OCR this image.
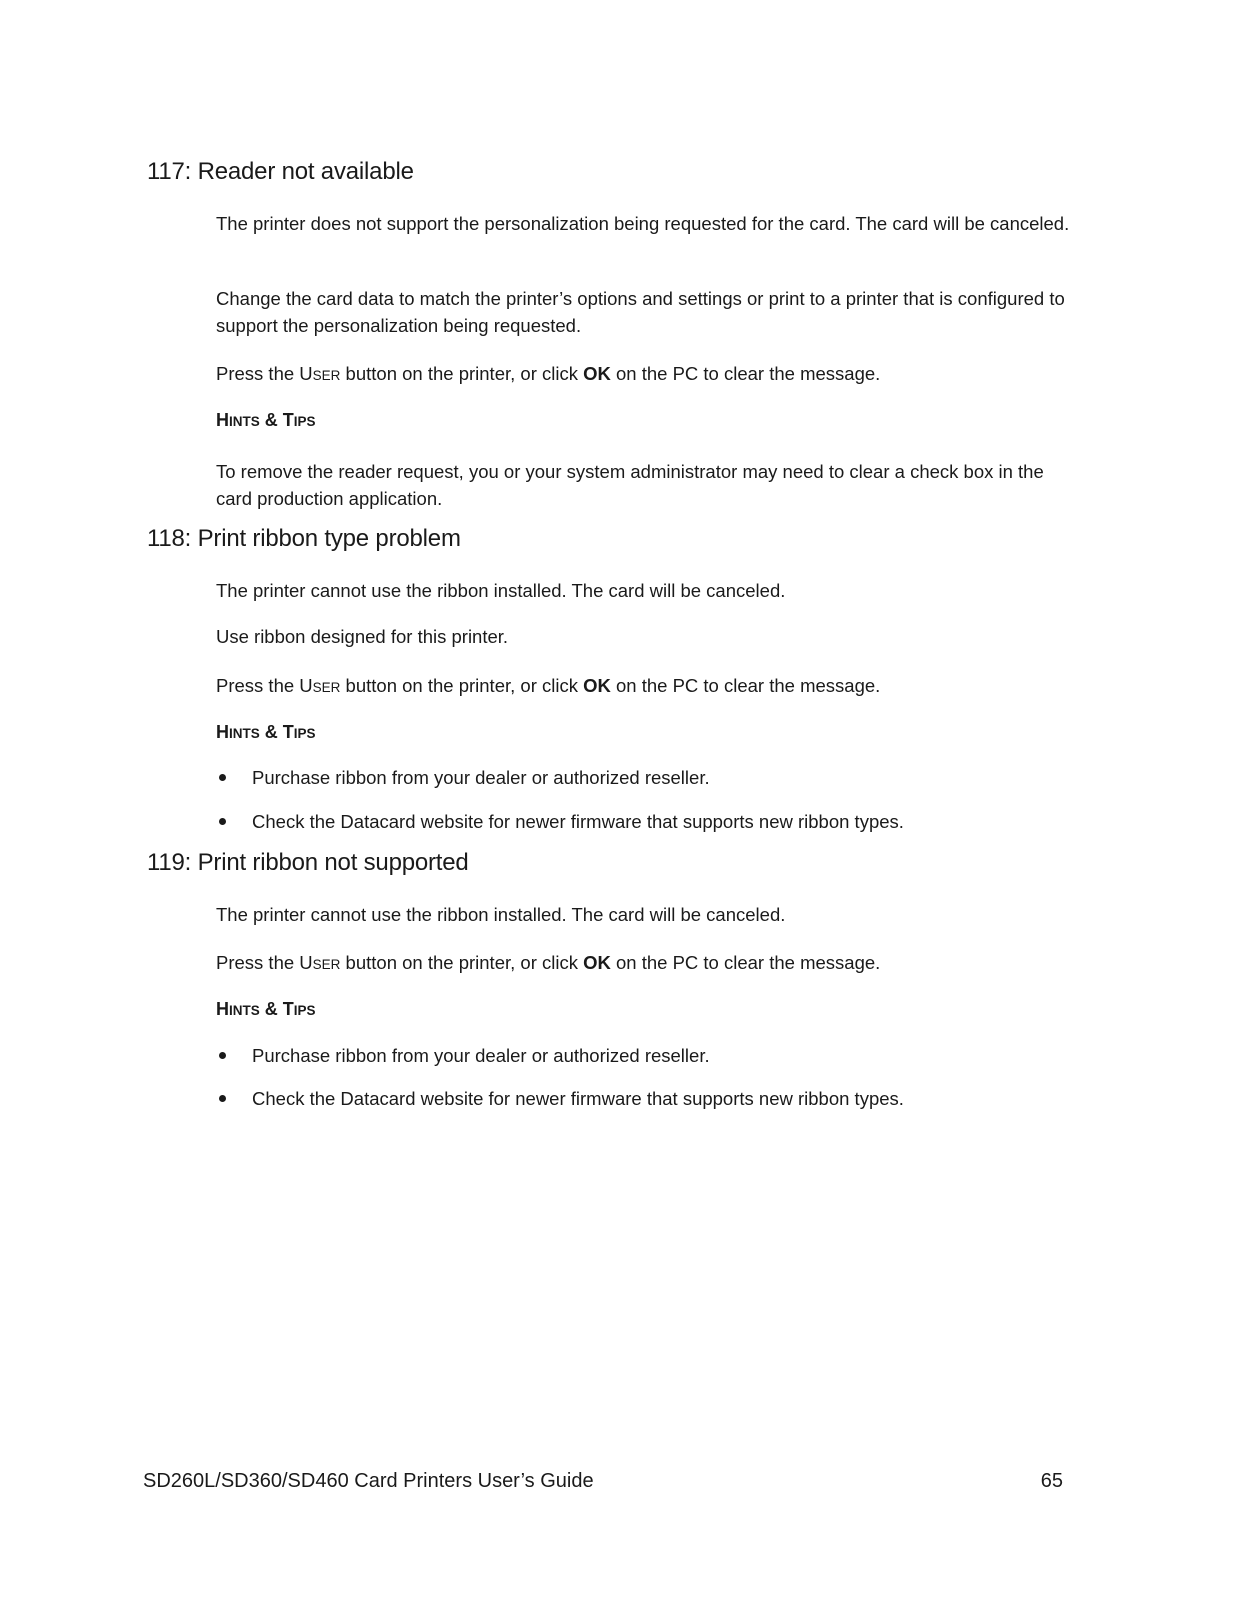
117: Reader not available

The printer does not support the personalization being requested for the card. The card will be canceled.

Change the card data to match the printer’s options and settings or print to a printer that is configured to support the personalization being requested.

Press the USER button on the printer, or click OK on the PC to clear the message.

HINTS & TIPS

To remove the reader request, you or your system administrator may need to clear a check box in the card production application.

118: Print ribbon type problem

The printer cannot use the ribbon installed. The card will be canceled.

Use ribbon designed for this printer.

Press the USER button on the printer, or click OK on the PC to clear the message.

HINTS & TIPS

Purchase ribbon from your dealer or authorized reseller.
Check the Datacard website for newer firmware that supports new ribbon types.
119: Print ribbon not supported

The printer cannot use the ribbon installed. The card will be canceled.

Press the USER button on the printer, or click OK on the PC to clear the message.

HINTS & TIPS

Purchase ribbon from your dealer or authorized reseller.
Check the Datacard website for newer firmware that supports new ribbon types.
SD260L/SD360/SD460 Card Printers User’s Guide	65
